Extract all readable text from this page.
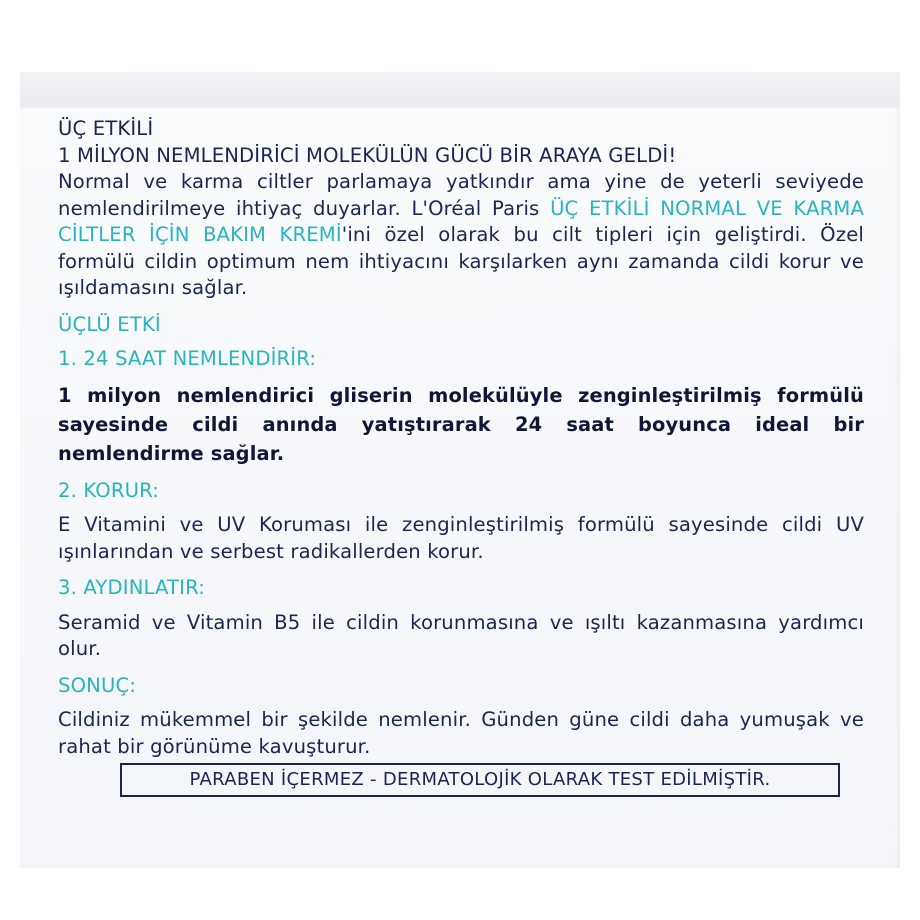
ÜÇ ETKİLİ

1 MİLYON NEMLENDİRİCİ MOLEKÜLÜN GÜCÜ BİR ARAYA GELDİ!

Normal ve karma ciltler parlamaya yatkındır ama yine de yeterli seviyede nemlendirilmeye ihtiyaç duyarlar. L'Oréal Paris ÜÇ ETKİLİ NORMAL VE KARMA CİLTLER İÇİN BAKIM KREMİ'ini özel olarak bu cilt tipleri için geliştirdi. Özel formülü cildin optimum nem ihtiyacını karşılarken aynı zamanda cildi korur ve ışıldamasını sağlar.

ÜÇLÜ ETKİ

1. 24 SAAT NEMLENDİRİR:

1 milyon nemlendirici gliserin molekülüyle zenginleştirilmiş formülü sayesinde cildi anında yatıştırarak 24 saat boyunca ideal bir nemlendirme sağlar.

2. KORUR:

E Vitamini ve UV Koruması ile zenginleştirilmiş formülü sayesinde cildi UV ışınlarından ve serbest radikallerden korur.

3. AYDINLATIR:

Seramid ve Vitamin B5 ile cildin korunmasına ve ışıltı kazanmasına yardımcı olur.

SONUÇ:

Cildiniz mükemmel bir şekilde nemlenir. Günden güne cildi daha yumuşak ve rahat bir görünüme kavuşturur.

PARABEN İÇERMEZ - DERMATOLOJİK OLARAK TEST EDİLMİŞTİR.
